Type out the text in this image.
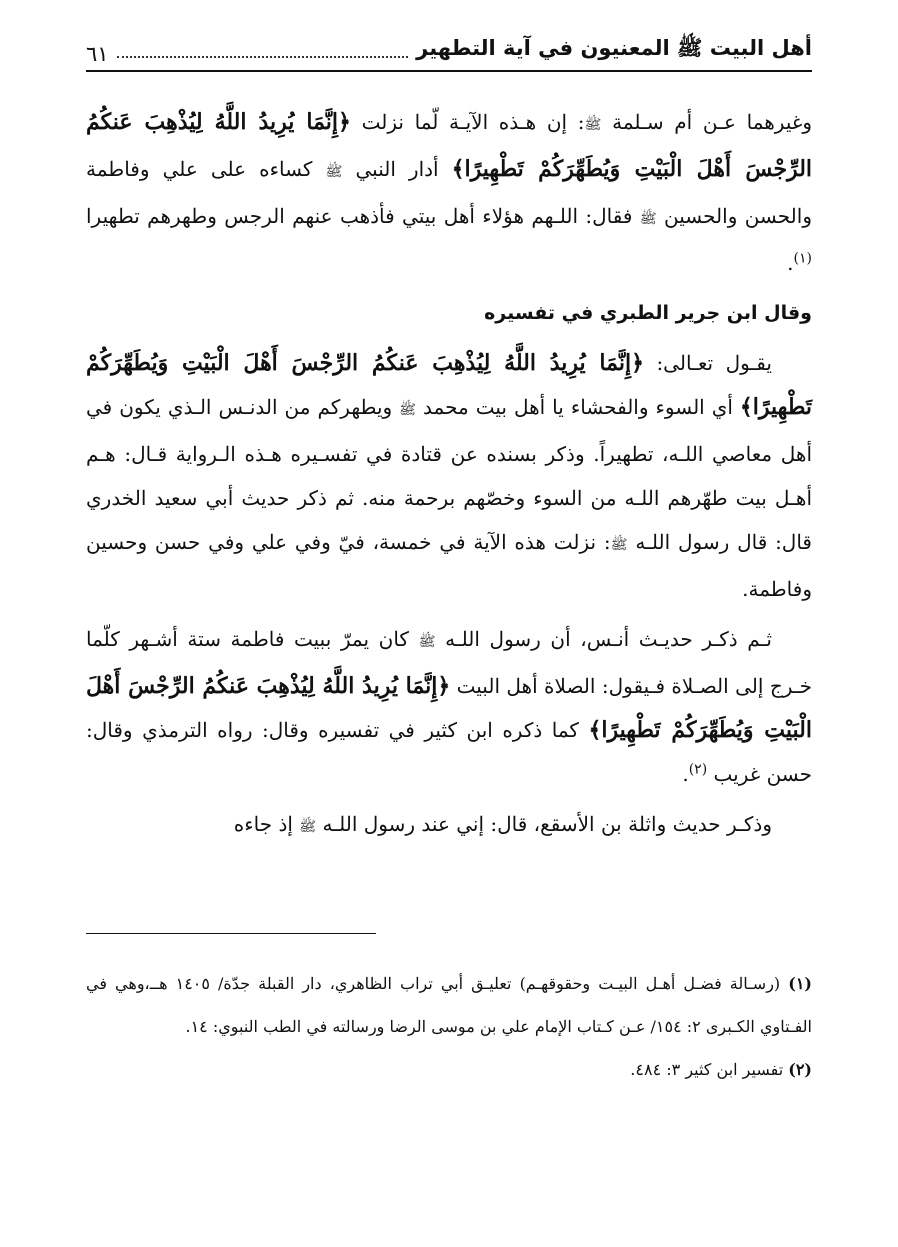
أهل البيت ﷺ المعنيون في آية التطهير
٦١

وغيرهما عـن أم سـلمة ﷺ: إن هـذه الآيـة لّما نزلت ﴿إِنَّمَا يُرِيدُ اللَّهُ لِيُذْهِبَ عَنكُمُ الرِّجْسَ أَهْلَ الْبَيْتِ وَيُطَهِّرَكُمْ تَطْهِيرًا﴾ أدار النبي ﷺ كساءه على علي وفاطمة والحسن والحسين ﷺ فقال: اللـهم هؤلاء أهل بيتي فأذهب عنهم الرجس وطهرهم تطهيرا $^{(١)}$.

وقال ابن جرير الطبري في تفسيره

يقـول تعـالى: ﴿إِنَّمَا يُرِيدُ اللَّهُ لِيُذْهِبَ عَنكُمُ الرِّجْسَ أَهْلَ الْبَيْتِ وَيُطَهِّرَكُمْ تَطْهِيرًا﴾ أي السوء والفحشاء يا أهل بيت محمد ﷺ ويطهركم من الدنـس الـذي يكون في أهل معاصي اللـه، تطهيراً. وذكر بسنده عن قتادة في تفسـيره هـذه الـرواية قـال: هـم أهـل بيت طهّرهم اللـه من السوء وخصّهم برحمة منه. ثم ذكر حديث أبي سعيد الخدري قال: قال رسول اللـه ﷺ: نزلت هذه الآية في خمسة، فيّ وفي علي وفي حسن وحسين وفاطمة.

ثـم ذكـر حديـث أنـس، أن رسول اللـه ﷺ كان يمرّ ببيت فاطمة ستة أشـهر كلّما خـرج إلى الصـلاة فـيقول: الصلاة أهل البيت ﴿إِنَّمَا يُرِيدُ اللَّهُ لِيُذْهِبَ عَنكُمُ الرِّجْسَ أَهْلَ الْبَيْتِ وَيُطَهِّرَكُمْ تَطْهِيرًا﴾ كما ذكره ابن كثير في تفسيره وقال: رواه الترمذي وقال: حسن غريب $^{(٢)}$.

وذكـر حديث واثلة بن الأسقع، قال: إني عند رسول اللـه ﷺ إذ جاءه

(١) (رسـالة فضـل أهـل البيـت وحقوقهـم) تعليـق أبي تراب الظاهري، دار القبلة جدّة/ ١٤٠٥ هــ،وهي في الفـتاوي الكـبرى ٢: ١٥٤/ عـن كـتاب الإمام علي بن موسى الرضا ورسالته في الطب النبوي: ١٤.

(٢) تفسير ابن كثير ٣: ٤٨٤.
